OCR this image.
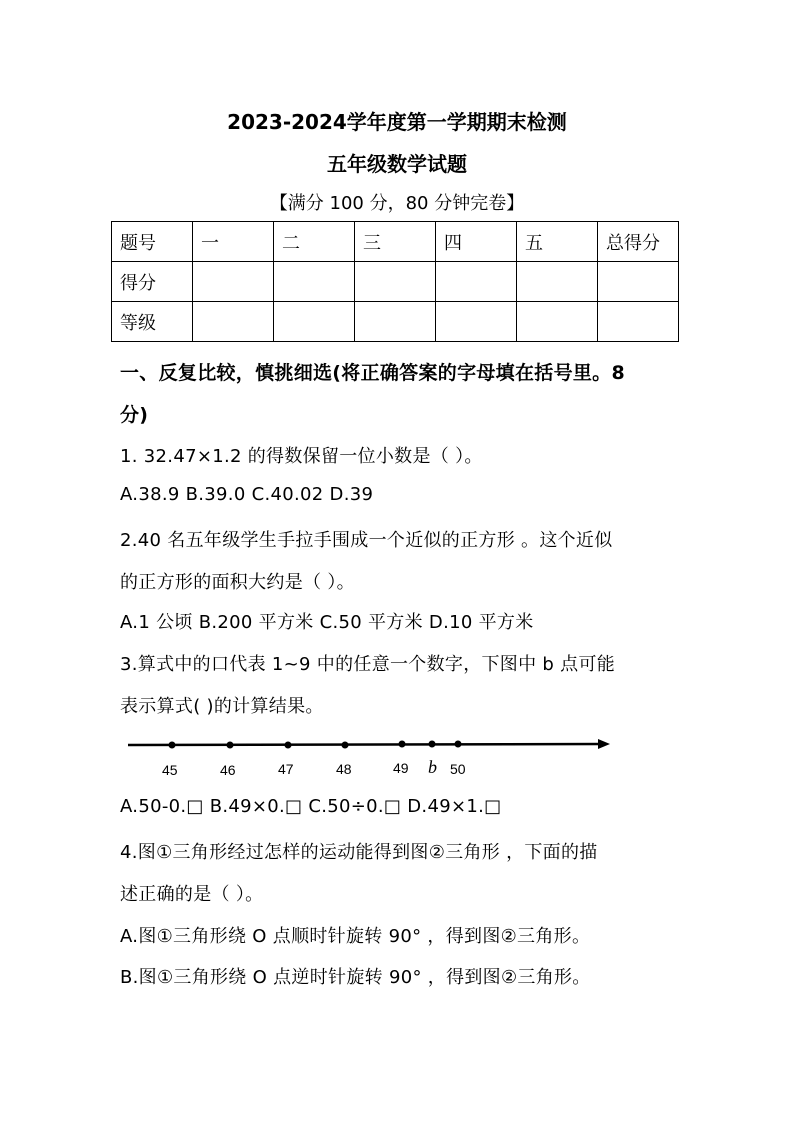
2023-2024学年度第一学期期末检测
五年级数学试题
【满分 100 分，80 分钟完卷】
题号	一	二	三	四	五	总得分
得分						
等级						
一、反复比较，慎挑细选(将正确答案的字母填在括号里。8
分)
1. 32.47×1.2 的得数保留一位小数是（ ）。
A.38.9 B.39.0 C.40.02 D.39
2.40 名五年级学生手拉手围成一个近似的正方形 。这个近似
的正方形的面积大约是（ ）。
A.1 公顷 B.200 平方米 C.50 平方米 D.10 平方米
3.算式中的口代表 1~9 中的任意一个数字，下图中 b 点可能
表示算式( )的计算结果。
45	46	47	48	49 b 50
A.50-0.□ B.49×0.□ C.50÷0.□ D.49×1.□
4.图①三角形经过怎样的运动能得到图②三角形 ，下面的描
述正确的是（ ）。
A.图①三角形绕 O 点顺时针旋转 90° ，得到图②三角形。
B.图①三角形绕 O 点逆时针旋转 90° ，得到图②三角形。
